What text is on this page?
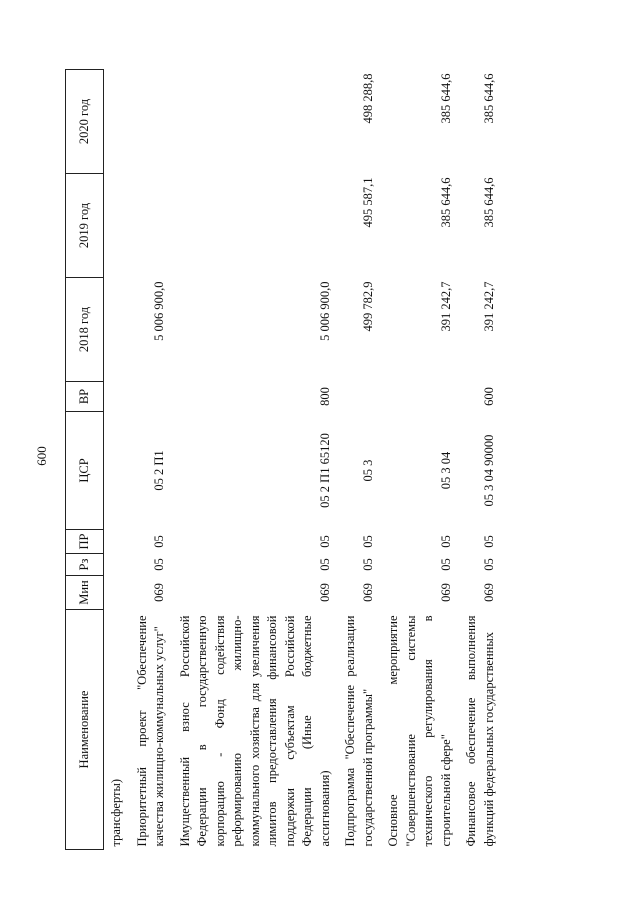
600
Наименование	Мин	Рз	ПР	ЦСР	ВР	2018 год	2019 год	2020 год
трансферты)								
Приоритетный проект "Обеспечение качества жилищно-коммунальных услуг"	069	05	05	05 2 П1		5 006 900,0		
Имущественный взнос Российской Федерации в государственную корпорацию - Фонд содействия реформированию жилищно-коммунального хозяйства для увеличения лимитов предоставления финансовой поддержки субъектам Российской Федерации (Иные бюджетные ассигнования)	069	05	05	05 2 П1 65120	800	5 006 900,0		
Подпрограмма "Обеспечение реализации государственной программы"	069	05	05	05 3		499 782,9	495 587,1	498 288,8
Основное мероприятие "Совершенствование системы технического регулирования в строительной сфере"	069	05	05	05 3 04		391 242,7	385 644,6	385 644,6
Финансовое обеспечение выполнения функций федеральных государственных	069	05	05	05 3 04 90000	600	391 242,7	385 644,6	385 644,6
